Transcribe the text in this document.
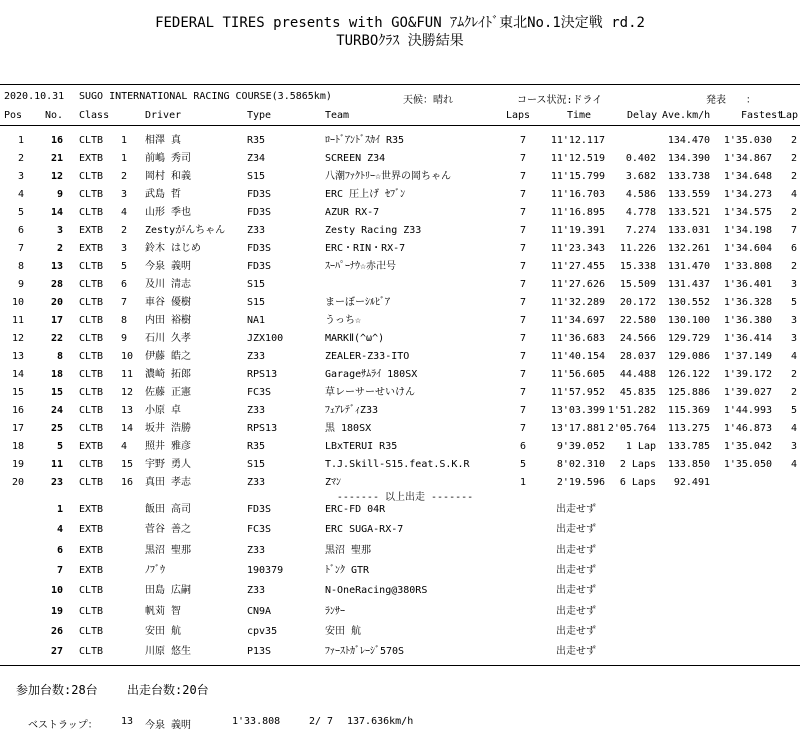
FEDERAL TIRES presents with GO&FUN ｱﾑｸﾚｲﾄﾞ東北No.1決定戦 rd.2
TURBOｸﾗｽ 決勝結果
2020.10.31 SUGO INTERNATIONAL RACING COURSE(3.5865km)	天候：晴れ	コース状況:ドライ	発表　　：
Pos No. Class	Driver	Type	Team	Laps	Time	Delay Ave.km/h	Fastest
Lap
1	16 CLTB 1 相澤 真	R35	ﾛｰﾄﾞｱﾝﾄﾞｽｶｲ R35	7 11'12.117	134.470 1'35.030 2
2	21 EXTB 1 前嶋 秀司	Z34	SCREEN Z34	7 11'12.519 0.402 134.390 1'34.867 2
3	12 CLTB 2 岡村 和義	S15	八潮ﾌｧｸﾄﾘｰ☆世界の岡ちゃん	7 11'15.799 3.682 133.738 1'34.648 2
4	9 CLTB 3 武島 哲	FD3S	ERC 圧上げ ｾﾌﾞﾝ	7 11'16.703 4.586 133.559 1'34.273 4
5	14 CLTB 4 山形 季也	FD3S	AZUR RX-7	7 11'16.895 4.778 133.521 1'34.575 2
6	3 EXTB 2 Zestyがんちゃん Z33	Zesty Racing Z33	7 11'19.391 7.274 133.031 1'34.198 7
7	2 EXTB 3 鈴木 はじめ	FD3S	ERC・RIN・RX-7	7 11'23.343 11.226 132.261 1'34.604 6
8	13 CLTB 5 今泉 義明	FD3S	ｽｰﾊﾟｰﾅｳ☆赤卍号	7 11'27.455 15.338 131.470 1'33.808 2
9	28 CLTB 6 及川 清志	S15	7 11'27.626 15.509 131.437 1'36.401 3
10	20 CLTB 7 車谷 優樹	S15	まーぼーｼﾙﾋﾞｱ	7 11'32.289 20.172 130.552 1'36.328 5
11	17 CLTB 8 内田 裕樹	NA1	うっち☆	7 11'34.697 22.580 130.100 1'36.380 3
12	22 CLTB 9 石川 久孝	JZX100	MARKⅡ(^ω^)	7 11'36.683 24.566 129.729 1'36.414 3
13	8 CLTB 10 伊藤 皓之	Z33	ZEALER-Z33-ITO	7 11'40.154 28.037 129.086 1'37.149 4
14	18 CLTB 11 濃崎 拓郎	RPS13	Garageｻﾑﾗｲ 180SX	7 11'56.605 44.488 126.122 1'39.172 2
15	15 CLTB 12 佐藤 正憲	FC3S	草レーサーせいけん	7 11'57.952 45.835 125.886 1'39.027 2
16	24 CLTB 13 小原 卓	Z33	ﾌｪｱﾚﾃﾞｨZ33	7 13'03.399 1'51.282 115.369 1'44.993 5
17	25 CLTB 14 坂井 浩勝	RPS13	黒 180SX	7 13'17.881 2'05.764 113.275 1'46.873 4
18	5 EXTB 4 照井 雅彦	R35	LBxTERUI R35	6	9'39.052 1 Lap 133.785 1'35.042 3
19	11 CLTB 15 宇野 勇人	S15	T.J.Skill-S15.feat.S.K.R	5	8'02.310 2 Laps 133.850 1'35.050 4
20	23 CLTB 16 真田 孝志	Z33	Zﾏﾝ	1	2'19.596 6 Laps 92.491
------- 以上出走 -------
1 EXTB	飯田 高司	FD3S	ERC-FD 04R	出走せず
4 EXTB	菅谷 善之	FC3S	ERC SUGA-RX-7	出走せず
6 EXTB	黒沼 聖那	Z33	黒沼 聖那	出走せず
7 EXTB	ﾉﾌﾞｳ	190379	ﾄﾞﾝｸ GTR	出走せず
10 CLTB	田島 広嗣	Z33	N-OneRacing@380RS	出走せず
19 CLTB	帆苅 智	CN9A	ﾗﾝｻｰ	出走せず
26 CLTB	安田 航	cpv35	安田 航	出走せず
27 CLTB	川原 悠生	P13S	ﾌｧｰｽﾄｶﾞﾚｰｼﾞ570S	出走せず
参加台数:28台 出走台数:20台
ベストラップ： 13 今泉 義明	1'33.808	2/ 7 137.636km/h
